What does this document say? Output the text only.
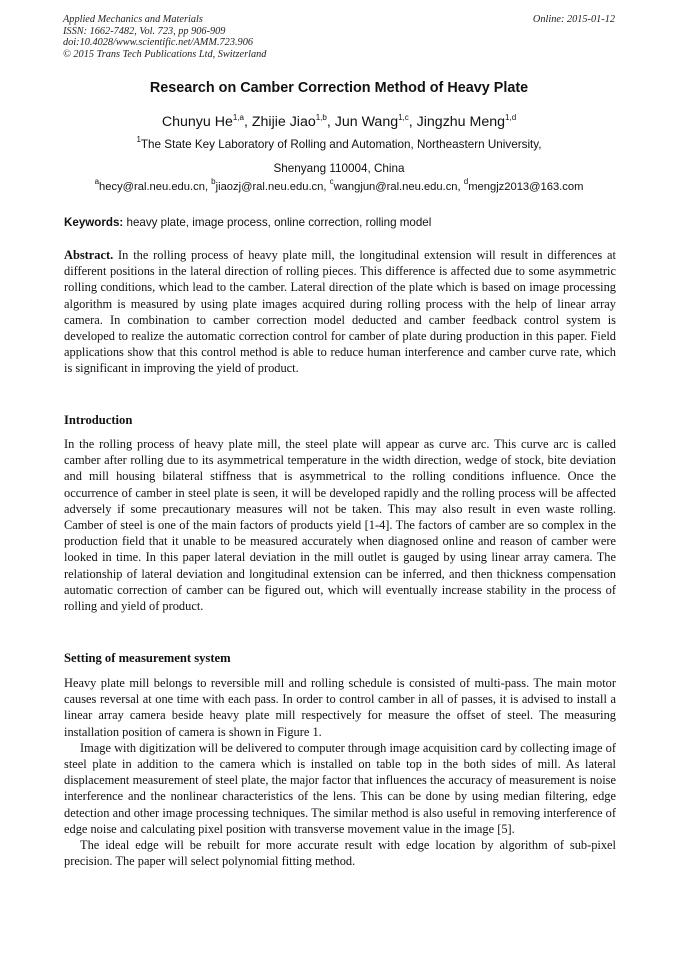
Applied Mechanics and Materials
ISSN: 1662-7482, Vol. 723, pp 906-909
doi:10.4028/www.scientific.net/AMM.723.906
© 2015 Trans Tech Publications Ltd, Switzerland
Online: 2015-01-12
Research on Camber Correction Method of Heavy Plate
Chunyu He$^{1,a}$, Zhijie Jiao$^{1,b}$, Jun Wang$^{1,c}$, Jingzhu Meng$^{1,d}$
$^1$The State Key Laboratory of Rolling and Automation, Northeastern University,
Shenyang 110004, China
$^a$hecy@ral.neu.edu.cn, $^b$jiaozj@ral.neu.edu.cn, $^c$wangjun@ral.neu.edu.cn, $^d$mengjz2013@163.com
Keywords: heavy plate, image process, online correction, rolling model

Abstract. In the rolling process of heavy plate mill, the longitudinal extension will result in differences at different positions in the lateral direction of rolling pieces. This difference is affected due to some asymmetric rolling conditions, which lead to the camber. Lateral direction of the plate which is based on image processing algorithm is measured by using plate images acquired during rolling process with the help of linear array camera. In combination to camber correction model deducted and camber feedback control system is developed to realize the automatic correction control for camber of plate during production in this paper. Field applications show that this control method is able to reduce human interference and camber curve rate, which is significant in improving the yield of product.

Introduction

In the rolling process of heavy plate mill, the steel plate will appear as curve arc. This curve arc is called camber after rolling due to its asymmetrical temperature in the width direction, wedge of stock, bite deviation and mill housing bilateral stiffness that is asymmetrical to the rolling conditions influence. Once the occurrence of camber in steel plate is seen, it will be developed rapidly and the rolling process will be affected adversely if some precautionary measures will not be taken. This may also result in even waste rolling. Camber of steel is one of the main factors of products yield [1-4]. The factors of camber are so complex in the production field that it unable to be measured accurately when diagnosed online and reason of camber were looked in time. In this paper lateral deviation in the mill outlet is gauged by using linear array camera. The relationship of lateral deviation and longitudinal extension can be inferred, and then thickness compensation automatic correction of camber can be figured out, which will eventually increase stability in the process of rolling and yield of product.

Setting of measurement system

Heavy plate mill belongs to reversible mill and rolling schedule is consisted of multi-pass. The main motor causes reversal at one time with each pass. In order to control camber in all of passes, it is advised to install a linear array camera beside heavy plate mill respectively for measure the offset of steel. The measuring installation position of camera is shown in Figure 1.

Image with digitization will be delivered to computer through image acquisition card by collecting image of steel plate in addition to the camera which is installed on table top in the both sides of mill. As lateral displacement measurement of steel plate, the major factor that influences the accuracy of measurement is noise interference and the nonlinear characteristics of the lens. This can be done by using median filtering, edge detection and other image processing techniques. The similar method is also useful in removing interference of edge noise and calculating pixel position with transverse movement value in the image [5].

The ideal edge will be rebuilt for more accurate result with edge location by algorithm of sub-pixel precision. The paper will select polynomial fitting method.
